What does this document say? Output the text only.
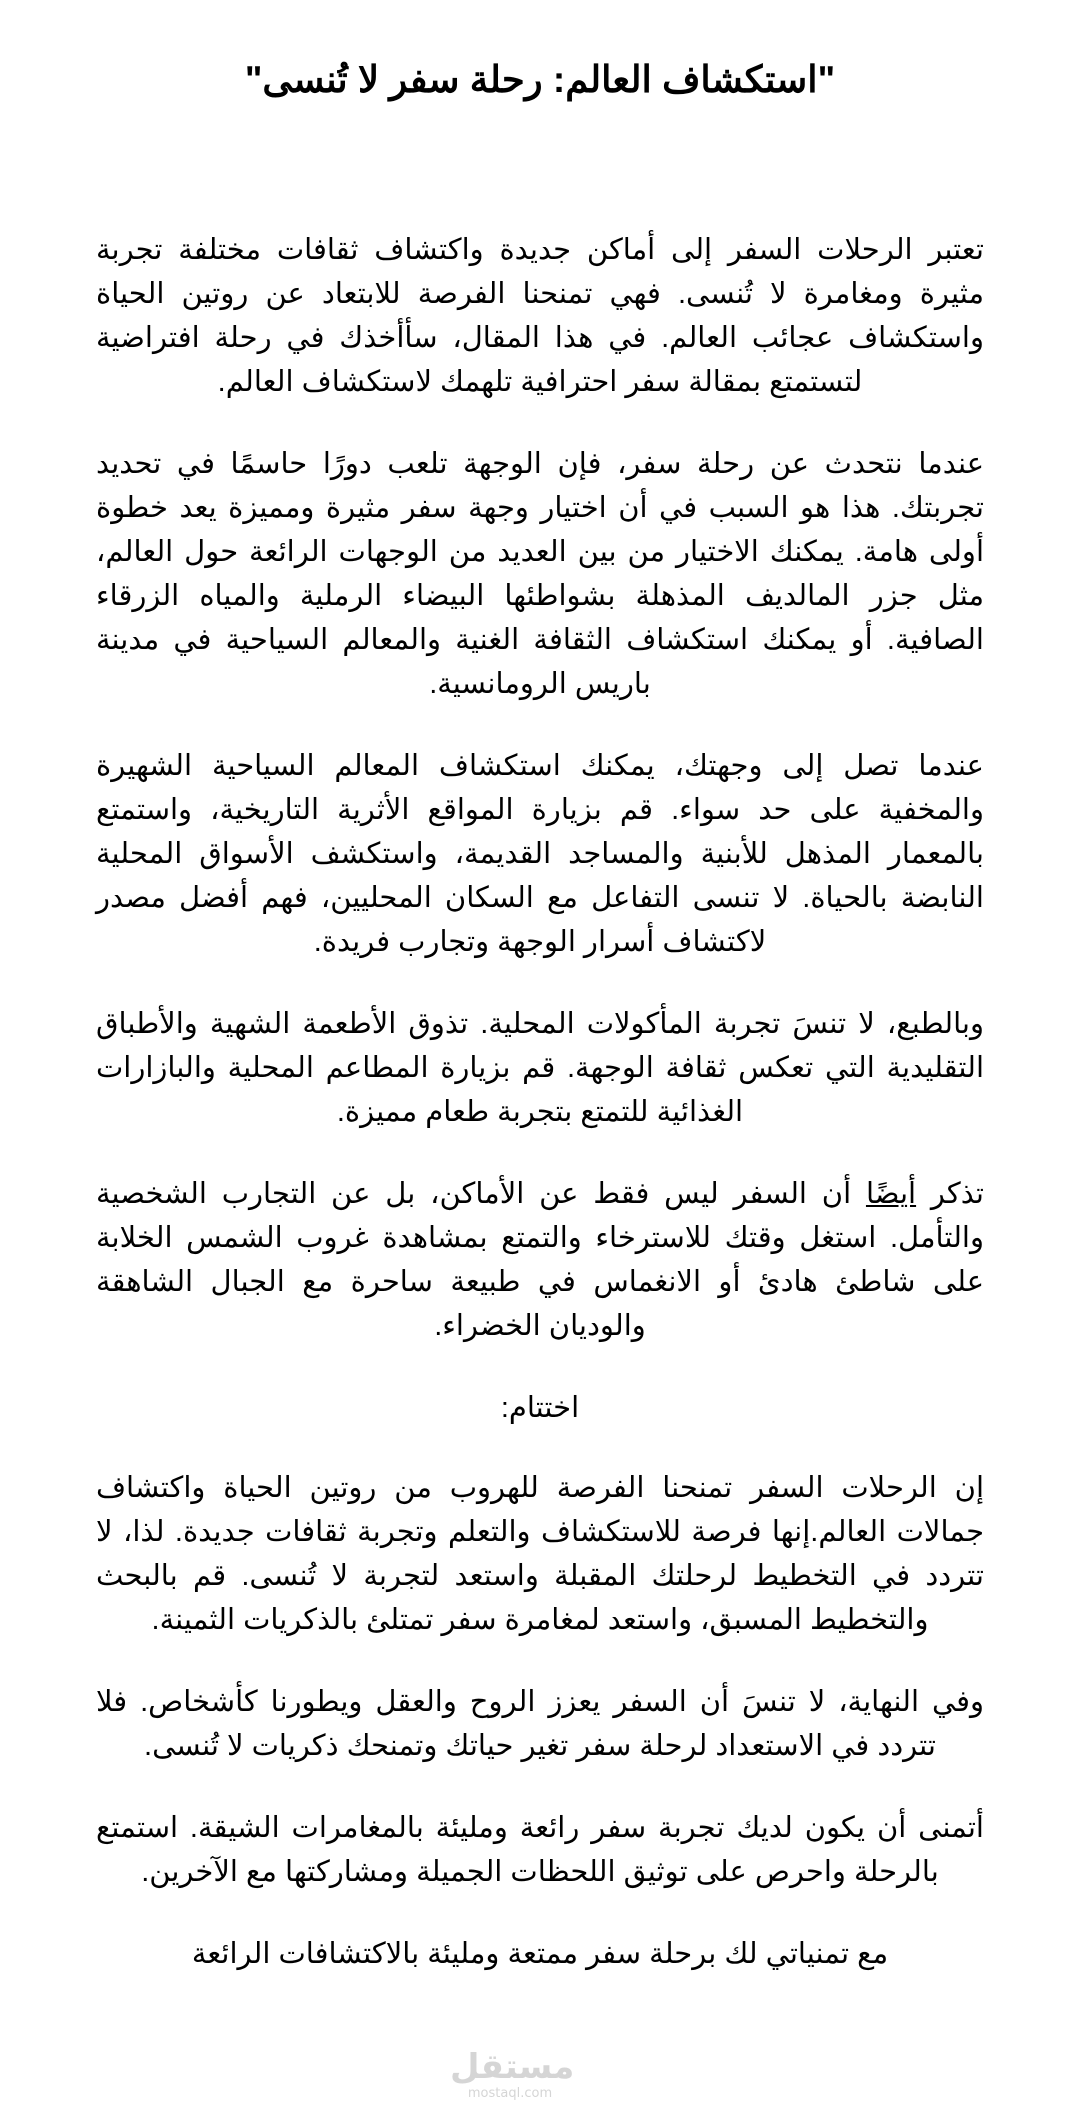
"استكشاف العالم: رحلة سفر لا تُنسى"

تعتبر الرحلات السفر إلى أماكن جديدة واكتشاف ثقافات مختلفة تجربة مثيرة ومغامرة لا تُنسى. فهي تمنحنا الفرصة للابتعاد عن روتين الحياة واستكشاف عجائب العالم. في هذا المقال، سأأخذك في رحلة افتراضية لتستمتع بمقالة سفر احترافية تلهمك لاستكشاف العالم.

عندما نتحدث عن رحلة سفر، فإن الوجهة تلعب دورًا حاسمًا في تحديد تجربتك. هذا هو السبب في أن اختيار وجهة سفر مثيرة ومميزة يعد خطوة أولى هامة. يمكنك الاختيار من بين العديد من الوجهات الرائعة حول العالم، مثل جزر المالديف المذهلة بشواطئها البيضاء الرملية والمياه الزرقاء الصافية. أو يمكنك استكشاف الثقافة الغنية والمعالم السياحية في مدينة باريس الرومانسية.

عندما تصل إلى وجهتك، يمكنك استكشاف المعالم السياحية الشهيرة والمخفية على حد سواء. قم بزيارة المواقع الأثرية التاريخية، واستمتع بالمعمار المذهل للأبنية والمساجد القديمة، واستكشف الأسواق المحلية النابضة بالحياة. لا تنسى التفاعل مع السكان المحليين، فهم أفضل مصدر لاكتشاف أسرار الوجهة وتجارب فريدة.

وبالطبع، لا تنسَ تجربة المأكولات المحلية. تذوق الأطعمة الشهية والأطباق التقليدية التي تعكس ثقافة الوجهة. قم بزيارة المطاعم المحلية والبازارات الغذائية للتمتع بتجربة طعام مميزة.

تذكر أيضًا أن السفر ليس فقط عن الأماكن، بل عن التجارب الشخصية والتأمل. استغل وقتك للاسترخاء والتمتع بمشاهدة غروب الشمس الخلابة على شاطئ هادئ أو الانغماس في طبيعة ساحرة مع الجبال الشاهقة والوديان الخضراء.

اختتام:

إن الرحلات السفر تمنحنا الفرصة للهروب من روتين الحياة واكتشاف جمالات العالم.إنها فرصة للاستكشاف والتعلم وتجربة ثقافات جديدة. لذا، لا تتردد في التخطيط لرحلتك المقبلة واستعد لتجربة لا تُنسى. قم بالبحث والتخطيط المسبق، واستعد لمغامرة سفر تمتلئ بالذكريات الثمينة.

وفي النهاية، لا تنسَ أن السفر يعزز الروح والعقل ويطورنا كأشخاص. فلا تتردد في الاستعداد لرحلة سفر تغير حياتك وتمنحك ذكريات لا تُنسى.

أتمنى أن يكون لديك تجربة سفر رائعة ومليئة بالمغامرات الشيقة. استمتع بالرحلة واحرص على توثيق اللحظات الجميلة ومشاركتها مع الآخرين.

مع تمنياتي لك برحلة سفر ممتعة ومليئة بالاكتشافات الرائعة

مستقل
mostaql.com
